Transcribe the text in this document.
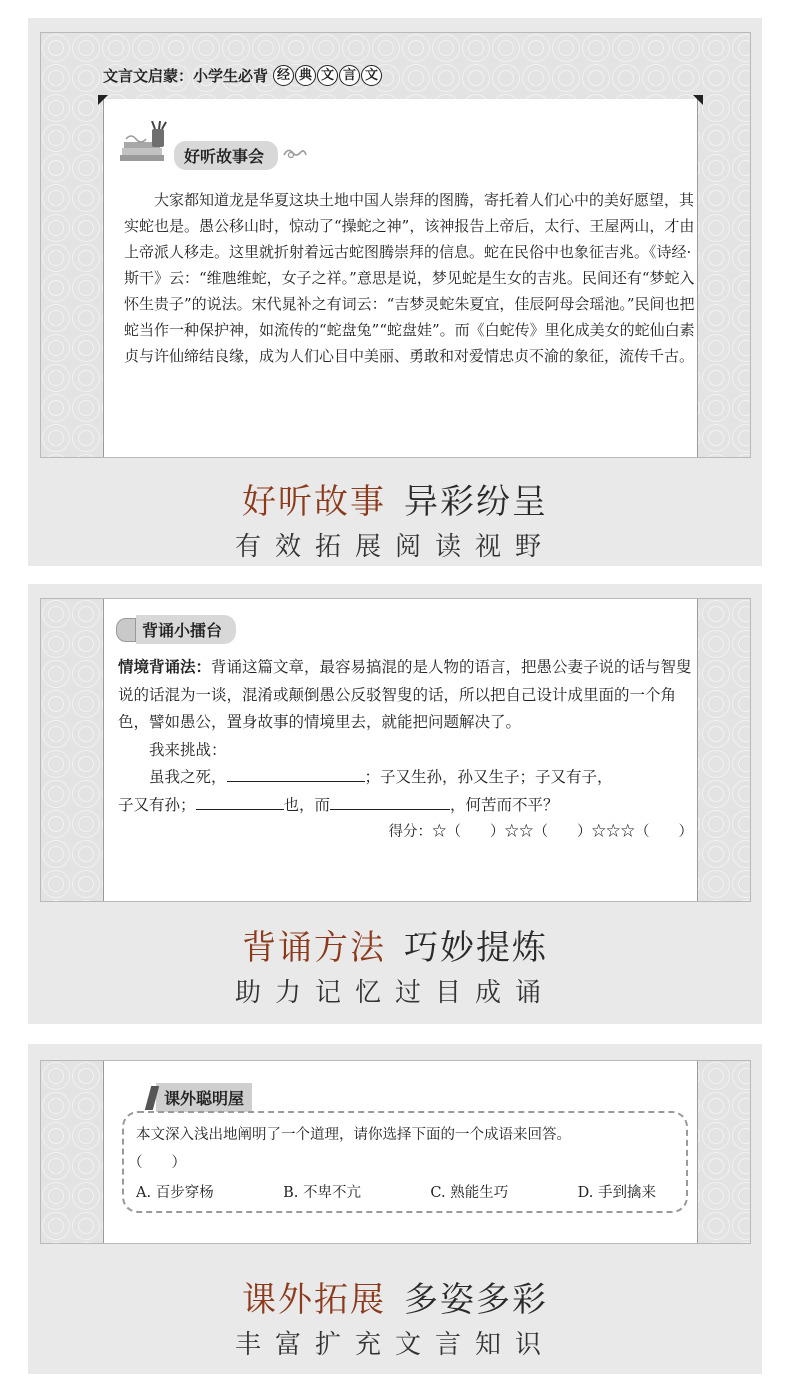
文言文启蒙：小学生必背 经 典 文 言 文
好听故事会

大家都知道龙是华夏这块土地中国人崇拜的图腾，寄托着人们心中的美好愿望，其实蛇也是。愚公移山时，惊动了“操蛇之神”，该神报告上帝后，太行、王屋两山，才由上帝派人移走。这里就折射着远古蛇图腾崇拜的信息。蛇在民俗中也象征吉兆。《诗经·斯干》云：“维虺维蛇，女子之祥。”意思是说，梦见蛇是生女的吉兆。民间还有“梦蛇入怀生贵子”的说法。宋代晁补之有词云：“吉梦灵蛇朱夏宜，佳辰阿母会瑶池。”民间也把蛇当作一种保护神，如流传的“蛇盘兔”“蛇盘娃”。而《白蛇传》里化成美女的蛇仙白素贞与许仙缔结良缘，成为人们心目中美丽、勇敢和对爱情忠贞不渝的象征，流传千古。

好听故事 异彩纷呈
有效拓展阅读视野
背诵小擂台

情境背诵法：背诵这篇文章，最容易搞混的是人物的语言，把愚公妻子说的话与智叟说的话混为一谈，混淆或颠倒愚公反驳智叟的话，所以把自己设计成里面的一个角色，譬如愚公，置身故事的情境里去，就能把问题解决了。

我来挑战：

虽我之死，	；子又生孙，孙又生子；子又有子，

子又有孙；	也，而	，何苦而不平？

得分：☆（　　）☆☆（　　）☆☆☆（　　）

背诵方法 巧妙提炼
助力记忆过目成诵
课外聪明屋
本文深入浅出地阐明了一个道理，请你选择下面的一个成语来回答。
（　　）
A. 百步穿杨	B. 不卑不亢	C. 熟能生巧	D. 手到擒来
课外拓展 多姿多彩
丰富扩充文言知识
